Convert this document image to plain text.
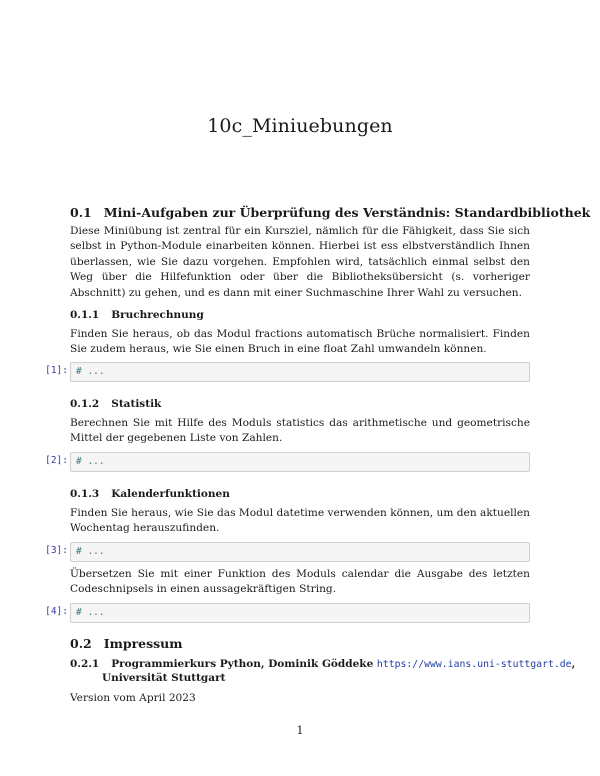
10c_Miniuebungen
0.1 Mini-Aufgaben zur Überprüfung des Verständnis: Standardbibliothek
Diese Miniübung ist zentral für ein Kursziel, nämlich für die Fähigkeit, dass Sie sich selbst in Python-Module einarbeiten können. Hierbei ist ess elbstverständlich Ihnen überlassen, wie Sie dazu vorgehen. Empfohlen wird, tatsächlich einmal selbst den Weg über die Hilfefunktion oder über die Bibliotheksübersicht (s. vorheriger Abschnitt) zu gehen, und es dann mit einer Suchmaschine Ihrer Wahl zu versuchen.
0.1.1 Bruchrechnung
Finden Sie heraus, ob das Modul fractions automatisch Brüche normalisiert. Finden Sie zudem heraus, wie Sie einen Bruch in eine float Zahl umwandeln können.
[1]: # ...
0.1.2 Statistik
Berechnen Sie mit Hilfe des Moduls statistics das arithmetische und geometrische Mittel der gegebenen Liste von Zahlen.
[2]: # ...
0.1.3 Kalenderfunktionen
Finden Sie heraus, wie Sie das Modul datetime verwenden können, um den aktuellen Wochentag herauszufinden.
[3]: # ...
Übersetzen Sie mit einer Funktion des Moduls calendar die Ausgabe des letzten Codeschnipsels in einen aussagekräftigen String.
[4]: # ...
0.2 Impressum
0.2.1 Programmierkurs Python, Dominik Göddeke https://www.ians.uni-stuttgart.de,
Universität Stuttgart
Version vom April 2023
1
